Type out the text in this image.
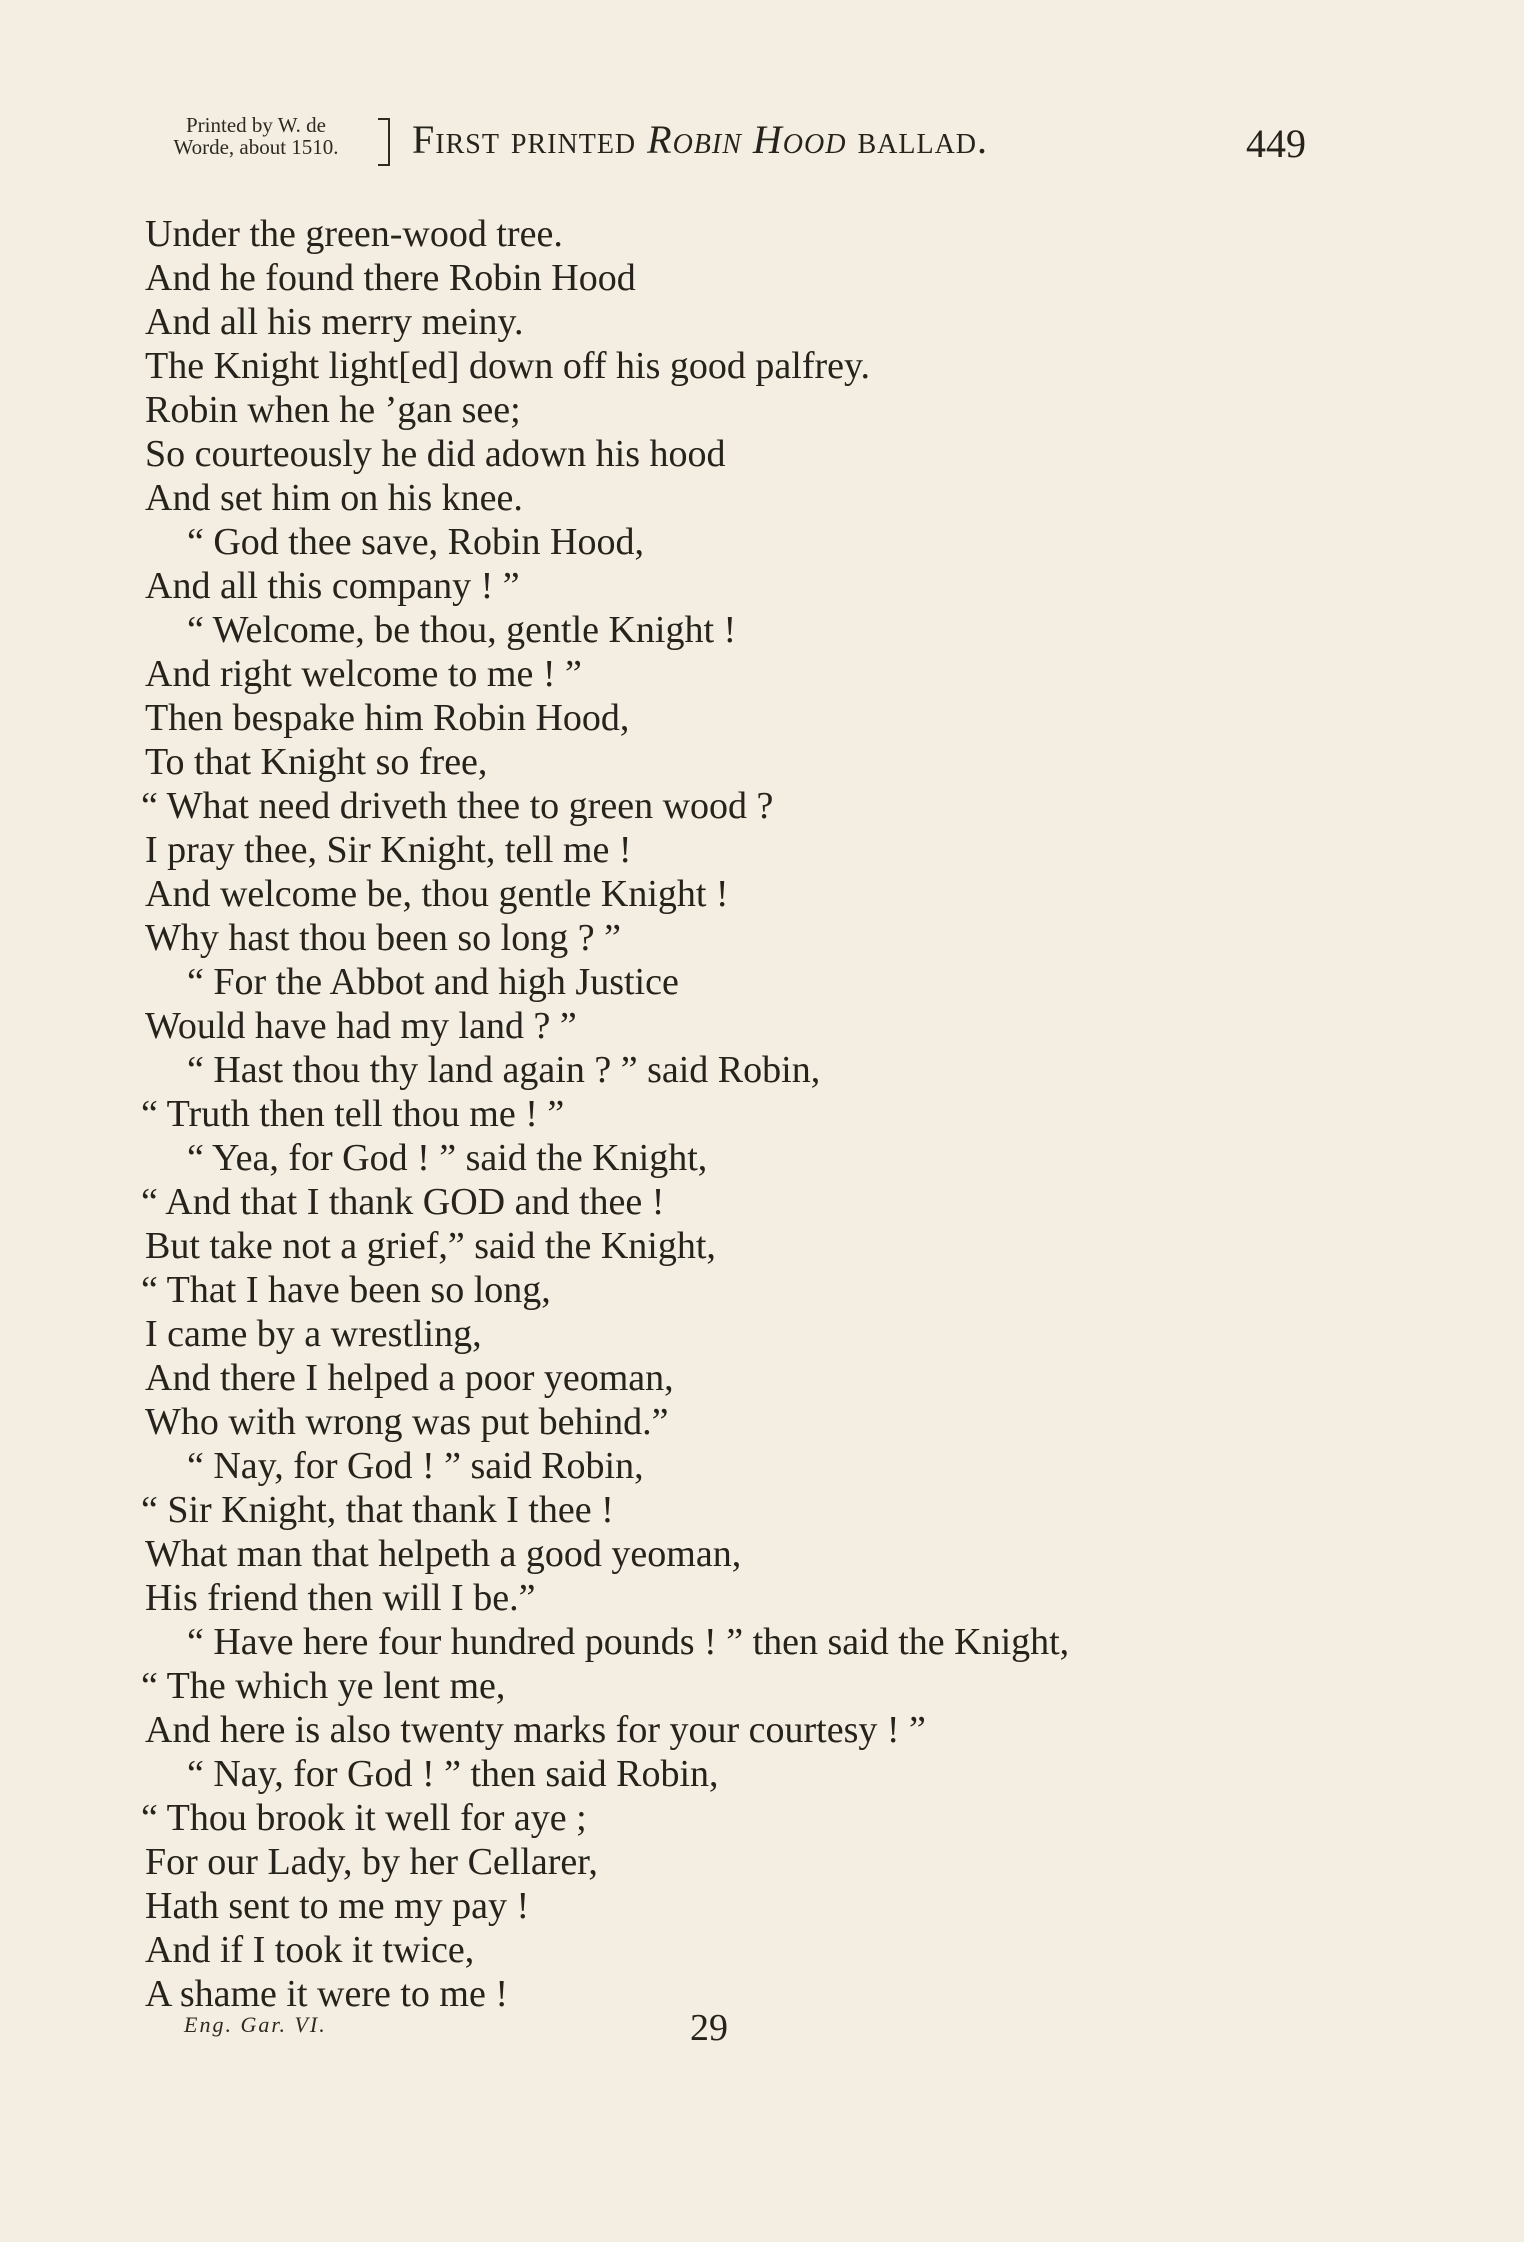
Printed by W. de
Worde, about 1510.	First printed Robin Hood ballad.	449
Under the green-wood tree.
And he found there Robin Hood
And all his merry meiny.
The Knight light[ed] down off his good palfrey.
Robin when he ’gan see;
So courteously he did adown his hood
And set him on his knee.
“ God thee save, Robin Hood,
And all this company ! ”
“ Welcome, be thou, gentle Knight !
And right welcome to me ! ”
Then bespake him Robin Hood,
To that Knight so free,
“ What need driveth thee to green wood ?
I pray thee, Sir Knight, tell me !
And welcome be, thou gentle Knight !
Why hast thou been so long ? ”
“ For the Abbot and high Justice
Would have had my land ? ”
“ Hast thou thy land again ? ” said Robin,
“ Truth then tell thou me ! ”
“ Yea, for God ! ” said the Knight,
“ And that I thank GOD and thee !
But take not a grief,” said the Knight,
“ That I have been so long,
I came by a wrestling,
And there I helped a poor yeoman,
Who with wrong was put behind.”
“ Nay, for God ! ” said Robin,
“ Sir Knight, that thank I thee !
What man that helpeth a good yeoman,
His friend then will I be.”
“ Have here four hundred pounds ! ” then said the Knight,
“ The which ye lent me,
And here is also twenty marks for your courtesy ! ”
“ Nay, for God ! ” then said Robin,
“ Thou brook it well for aye ;
For our Lady, by her Cellarer,
Hath sent to me my pay !
And if I took it twice,
A shame it were to me !
Eng. Gar. VI.	29
